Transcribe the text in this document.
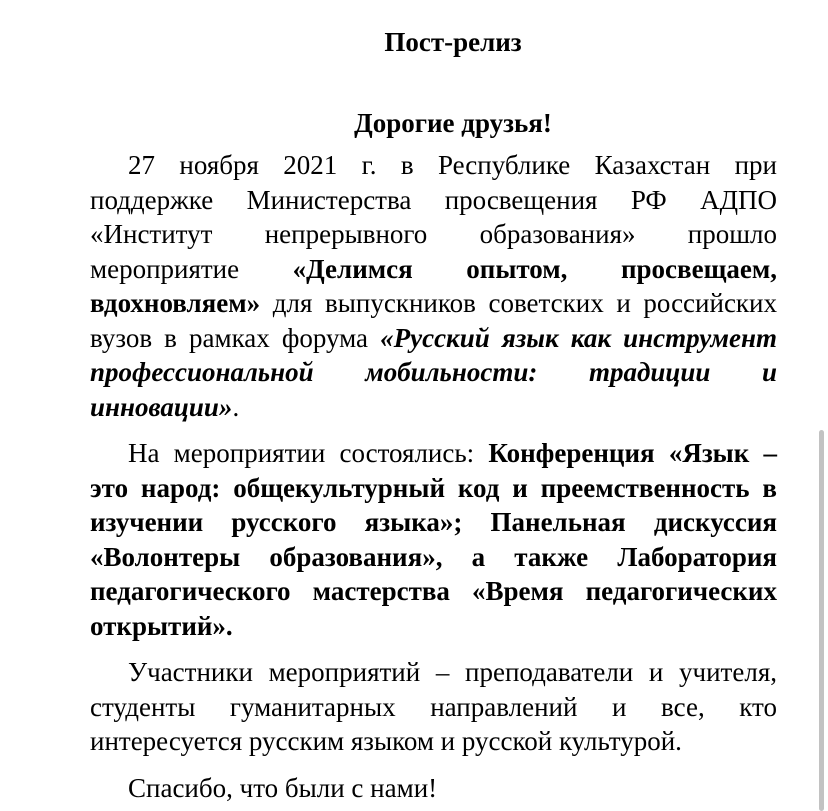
Пост-релиз
Дорогие друзья!

27 ноября 2021 г. в Республике Казахстан при поддержке Министерства просвещения РФ АДПО «Институт непрерывного образования» прошло мероприятие «Делимся опытом, просвещаем, вдохновляем» для выпускников советских и российских вузов в рамках форума «Русский язык как инструмент профессиональной мобильности: традиции и инновации».

На мероприятии состоялись: Конференция «Язык – это народ: общекультурный код и преемственность в изучении русского языка»; Панельная дискуссия «Волонтеры образования», а также Лаборатория педагогического мастерства «Время педагогических открытий».

Участники мероприятий – преподаватели и учителя, студенты гуманитарных направлений и все, кто интересуется русским языком и русской культурой.

Спасибо, что были с нами!
